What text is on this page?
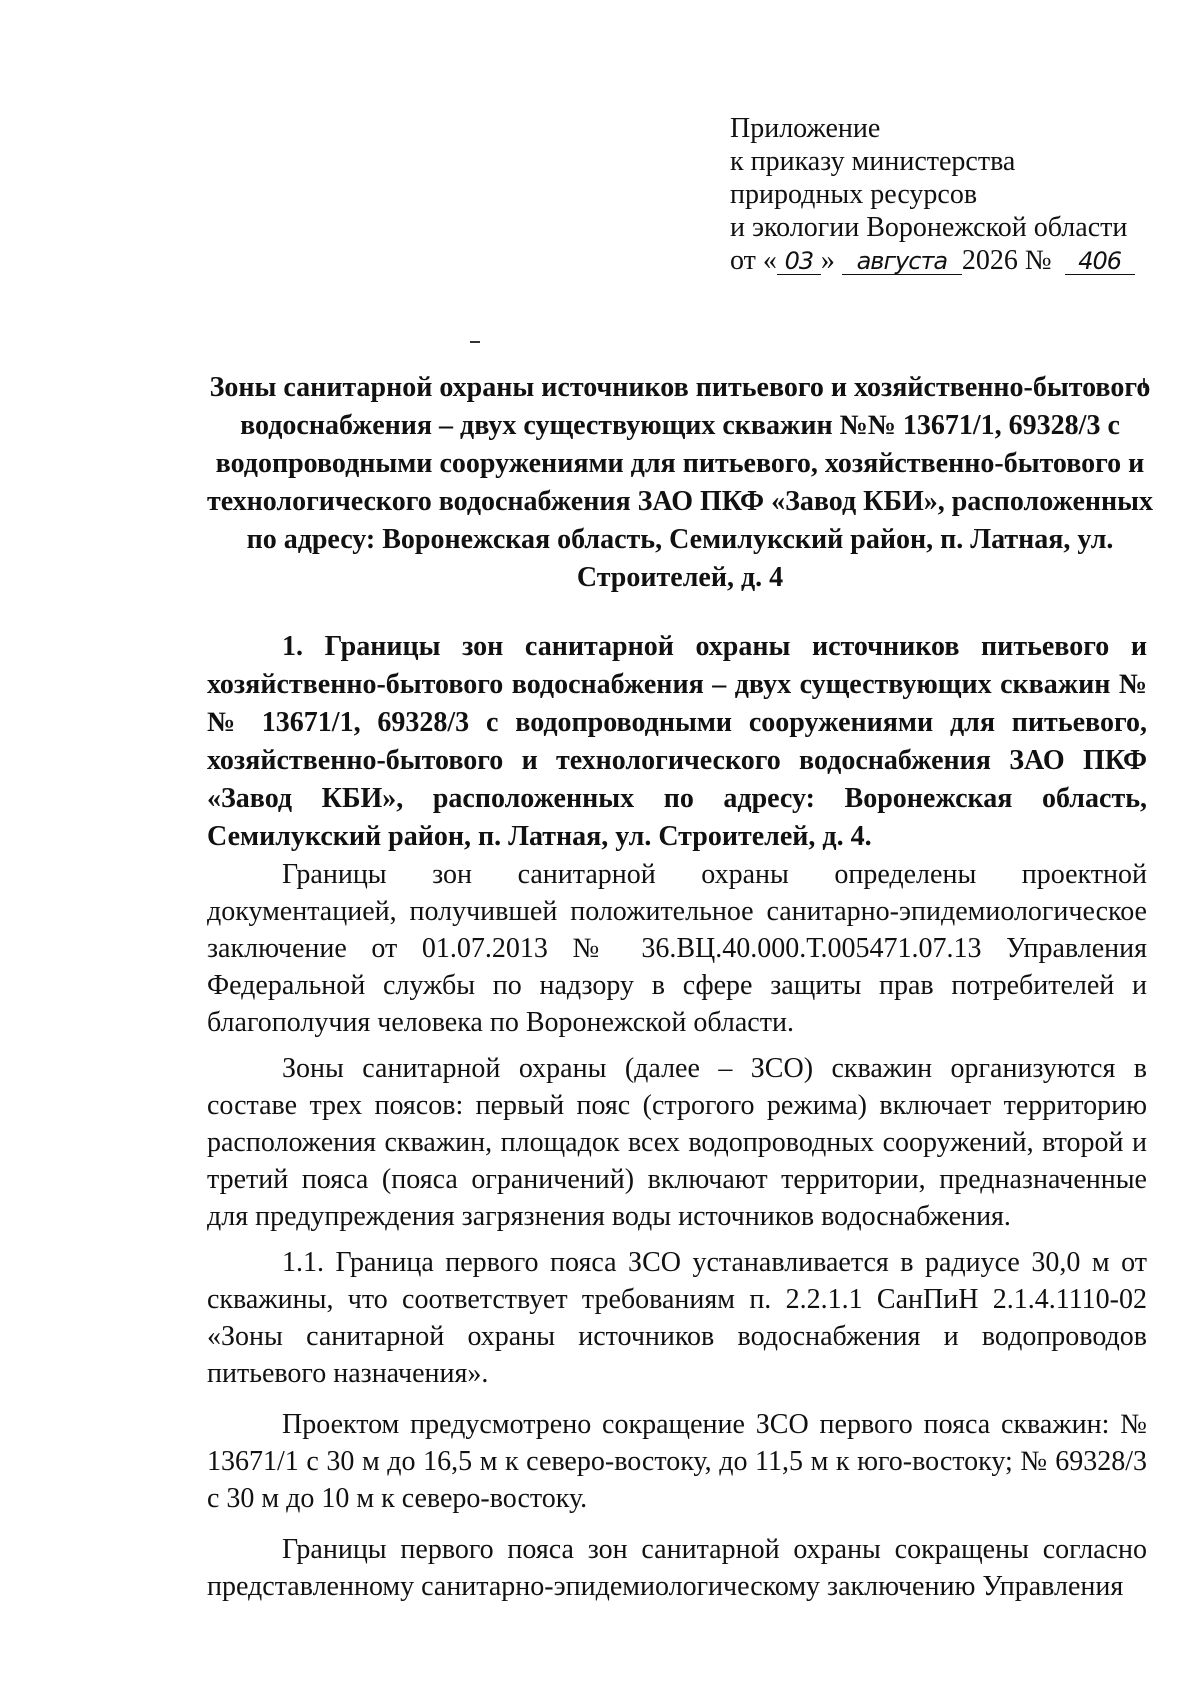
Приложение
к приказу министерства
природных ресурсов
и экологии Воронежской области
от « 03 » августа 2026 № 406
Зоны санитарной охраны источников питьевого и хозяйственно-бытового водоснабжения – двух существующих скважин №№ 13671/1, 69328/3 с водопроводными сооружениями для питьевого, хозяйственно-бытового и технологического водоснабжения ЗАО ПКФ «Завод КБИ», расположенных по адресу: Воронежская область, Семилукский район, п. Латная, ул. Строителей, д. 4
1. Границы зон санитарной охраны источников питьевого и хозяйственно-бытового водоснабжения – двух существующих скважин №№ 13671/1, 69328/3 с водопроводными сооружениями для питьевого, хозяйственно-бытового и технологического водоснабжения ЗАО ПКФ «Завод КБИ», расположенных по адресу: Воронежская область, Семилукский район, п. Латная, ул. Строителей, д. 4.

Границы зон санитарной охраны определены проектной документацией, получившей положительное санитарно-эпидемиологическое заключение от 01.07.2013 № 36.ВЦ.40.000.Т.005471.07.13 Управления Федеральной службы по надзору в сфере защиты прав потребителей и благополучия человека по Воронежской области.

Зоны санитарной охраны (далее – ЗСО) скважин организуются в составе трех поясов: первый пояс (строгого режима) включает территорию расположения скважин, площадок всех водопроводных сооружений, второй и третий пояса (пояса ограничений) включают территории, предназначенные для предупреждения загрязнения воды источников водоснабжения.

1.1. Граница первого пояса ЗСО устанавливается в радиусе 30,0 м от скважины, что соответствует требованиям п. 2.2.1.1 СанПиН 2.1.4.1110-02 «Зоны санитарной охраны источников водоснабжения и водопроводов питьевого назначения».

Проектом предусмотрено сокращение ЗСО первого пояса скважин: № 13671/1 с 30 м до 16,5 м к северо-востоку, до 11,5 м к юго-востоку; № 69328/3 с 30 м до 10 м к северо-востоку.

Границы первого пояса зон санитарной охраны сокращены согласно представленному санитарно-эпидемиологическому заключению Управления
